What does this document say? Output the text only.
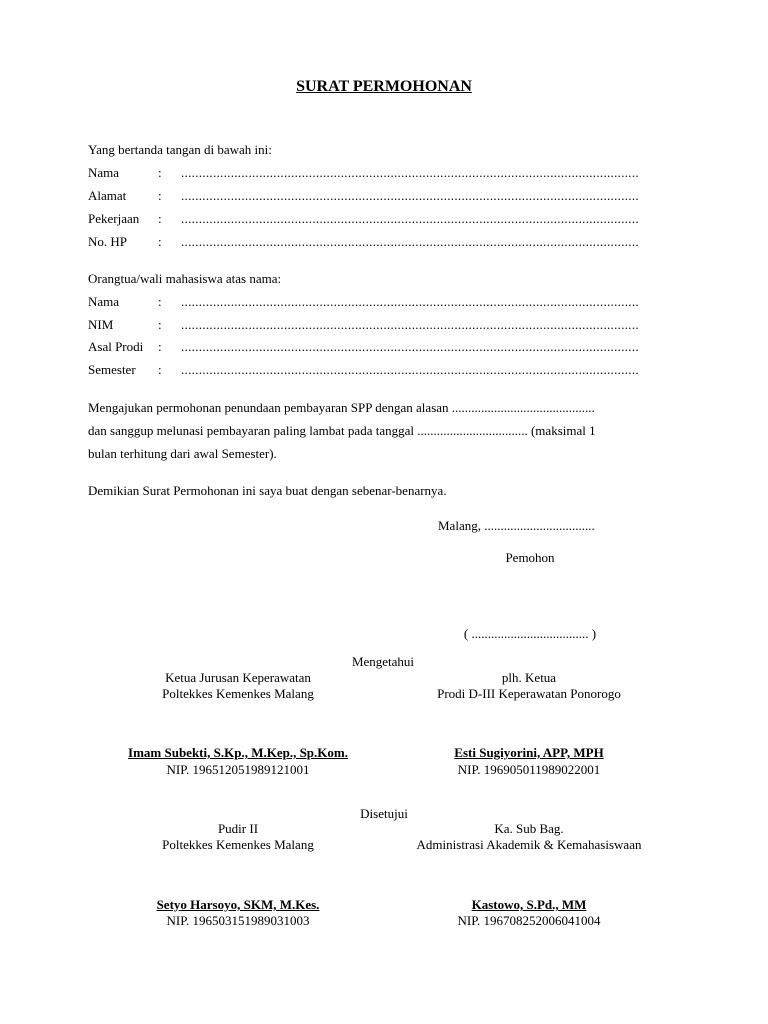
SURAT PERMOHONAN
Yang bertanda tangan di bawah ini:
Nama	: .................................................................................................................................
Alamat : .................................................................................................................................
Pekerjaan : .................................................................................................................................
No. HP : .................................................................................................................................
Orangtua/wali mahasiswa atas nama:
Nama	: .................................................................................................................................
NIM	: .................................................................................................................................
Asal Prodi : .................................................................................................................................
Semester : .................................................................................................................................
Mengajukan permohonan penundaan pembayaran SPP dengan alasan ............................................
dan sanggup melunasi pembayaran paling lambat pada tanggal .................................. (maksimal 1
bulan terhitung dari awal Semester).
Demikian Surat Permohonan ini saya buat dengan sebenar-benarnya.
Malang, ..................................
Pemohon
( .................................... )
Mengetahui
Ketua Jurusan Keperawatan
Poltekkes Kemenkes Malang
Imam Subekti, S.Kp., M.Kep., Sp.Kom.
NIP. 196512051989121001
plh. Ketua
Prodi D-III Keperawatan Ponorogo
Esti Sugiyorini, APP, MPH
NIP. 196905011989022001
Disetujui
Pudir II
Poltekkes Kemenkes Malang
Setyo Harsoyo, SKM, M.Kes.
NIP. 196503151989031003
Ka. Sub Bag.
Administrasi Akademik & Kemahasiswaan
Kastowo, S.Pd., MM
NIP. 196708252006041004
